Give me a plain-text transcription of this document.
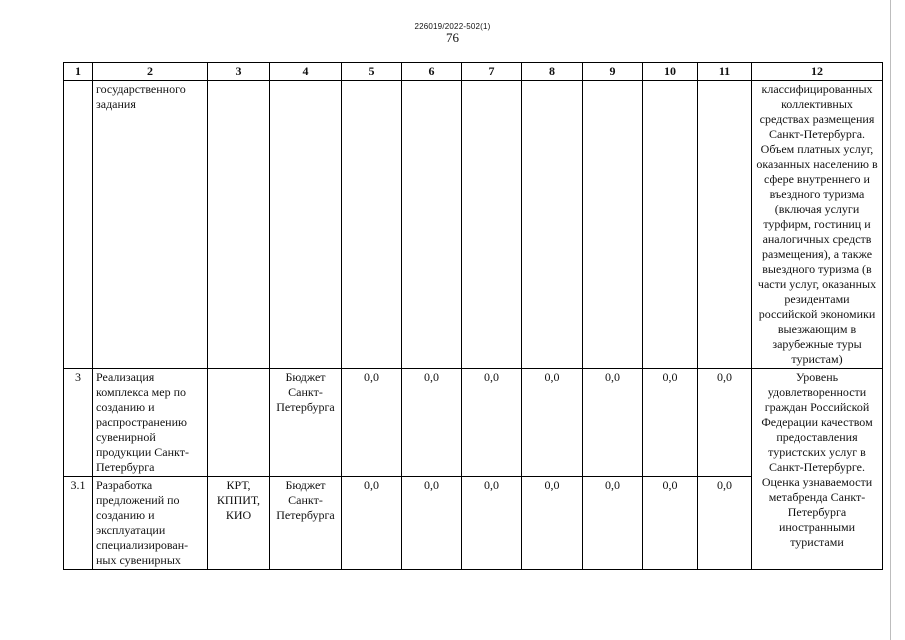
226019/2022-502(1)
76
1	2	3	4	5	6	7	8	9	10	11	12
	государственного задания										классифицированных коллективных средствах размещения Санкт-Петербурга. Объем платных услуг, оказанных населению в сфере внутреннего и въездного туризма (включая услуги турфирм, гостиниц и аналогичных средств размещения), а также выездного туризма (в части услуг, оказанных резидентами российской экономики выезжающим в зарубежные туры туристам)
3	Реализация комплекса мер по созданию и распространению сувенирной продукции Санкт-Петербурга		Бюджет Санкт-Петербурга	0,0	0,0	0,0	0,0	0,0	0,0	0,0	Уровень удовлетворенности граждан Российской Федерации качеством предоставления туристских услуг в Санкт-Петербурге. Оценка узнаваемости метабренда Санкт-Петербурга иностранными туристами
3.1	Разработка предложений по созданию и эксплуатации специализирован-ных сувенирных	КРТ, КППИТ, КИО	Бюджет Санкт-Петербурга	0,0	0,0	0,0	0,0	0,0	0,0	0,0	
